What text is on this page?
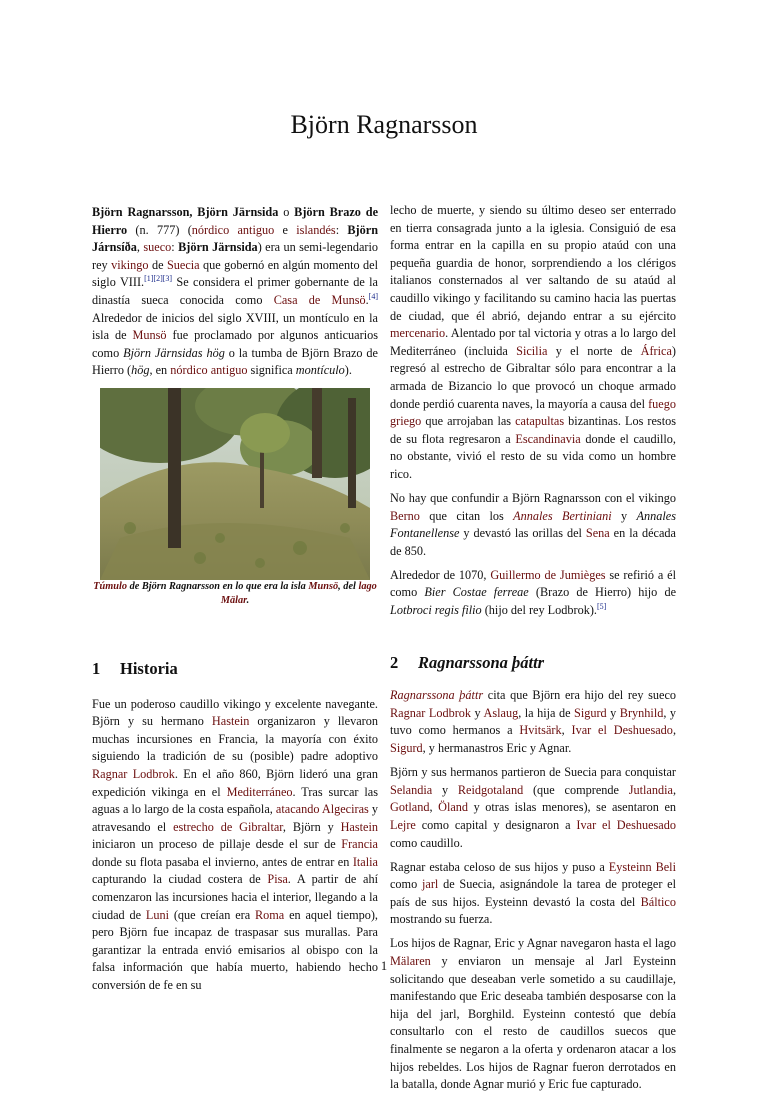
Björn Ragnarsson

Björn Ragnarsson, Björn Järnsida o Björn Brazo de Hierro (n. 777) (nórdico antiguo e islandés: Björn Járnsíða, sueco: Björn Järnsida) era un semi-legendario rey vikingo de Suecia que gobernó en algún momento del siglo VIII.[1][2][3] Se considera el primer gobernante de la dinastía sueca conocida como Casa de Munsö.[4] Alrededor de inicios del siglo XVIII, un montículo en la isla de Munsö fue proclamado por algunos anticuarios como Björn Järnsidas hög o la tumba de Björn Brazo de Hierro (hög, en nórdico antiguo significa montículo).

Túmulo de Björn Ragnarsson en lo que era la isla Munsö, del lago Mälar.

1	Historia

Fue un poderoso caudillo vikingo y excelente navegante. Björn y su hermano Hastein organizaron y llevaron muchas incursiones en Francia, la mayoría con éxito siguiendo la tradición de su (posible) padre adoptivo Ragnar Lodbrok. En el año 860, Björn lideró una gran expedición vikinga en el Mediterráneo. Tras surcar las aguas a lo largo de la costa española, atacando Algeciras y atravesando el estrecho de Gibraltar, Björn y Hastein iniciaron un proceso de pillaje desde el sur de Francia donde su flota pasaba el invierno, antes de entrar en Italia capturando la ciudad costera de Pisa. A partir de ahí comenzaron las incursiones hacia el interior, llegando a la ciudad de Luni (que creían era Roma en aquel tiempo), pero Björn fue incapaz de traspasar sus murallas. Para garantizar la entrada envió emisarios al obispo con la falsa información que había muerto, habiendo hecho conversión de fe en su

lecho de muerte, y siendo su último deseo ser enterrado en tierra consagrada junto a la iglesia. Consiguió de esa forma entrar en la capilla en su propio ataúd con una pequeña guardia de honor, sorprendiendo a los clérigos italianos consternados al ver saltando de su ataúd al caudillo vikingo y facilitando su camino hacia las puertas de ciudad, que él abrió, dejando entrar a su ejército mercenario. Alentado por tal victoria y otras a lo largo del Mediterráneo (incluida Sicilia y el norte de África) regresó al estrecho de Gibraltar sólo para encontrar a la armada de Bizancio lo que provocó un choque armado donde perdió cuarenta naves, la mayoría a causa del fuego griego que arrojaban las catapultas bizantinas. Los restos de su flota regresaron a Escandinavia donde el caudillo, no obstante, vivió el resto de su vida como un hombre rico.

No hay que confundir a Björn Ragnarsson con el vikingo Berno que citan los Annales Bertiniani y Annales Fontanellense y devastó las orillas del Sena en la década de 850.

Alrededor de 1070, Guillermo de Jumièges se refirió a él como Bier Costae ferreae (Brazo de Hierro) hijo de Lotbroci regis filio (hijo del rey Lodbrok).[5]

2	Ragnarssona þáttr

Ragnarssona þáttr cita que Björn era hijo del rey sueco Ragnar Lodbrok y Aslaug, la hija de Sigurd y Brynhild, y tuvo como hermanos a Hvitsärk, Ivar el Deshuesado, Sigurd, y hermanastros Eric y Agnar.

Björn y sus hermanos partieron de Suecia para conquistar Selandia y Reidgotaland (que comprende Jutlandia, Gotland, Öland y otras islas menores), se asentaron en Lejre como capital y designaron a Ivar el Deshuesado como caudillo.

Ragnar estaba celoso de sus hijos y puso a Eysteinn Beli como jarl de Suecia, asignándole la tarea de proteger el país de sus hijos. Eysteinn devastó la costa del Báltico mostrando su fuerza.

Los hijos de Ragnar, Eric y Agnar navegaron hasta el lago Mälaren y enviaron un mensaje al Jarl Eysteinn solicitando que deseaban verle sometido a su caudillaje, manifestando que Eric deseaba también desposarse con la hija del jarl, Borghild. Eysteinn contestó que debía consultarlo con el resto de caudillos suecos que finalmente se negaron a la oferta y ordenaron atacar a los hijos rebeldes. Los hijos de Ragnar fueron derrotados en la batalla, donde Agnar murió y Eric fue capturado.

1
